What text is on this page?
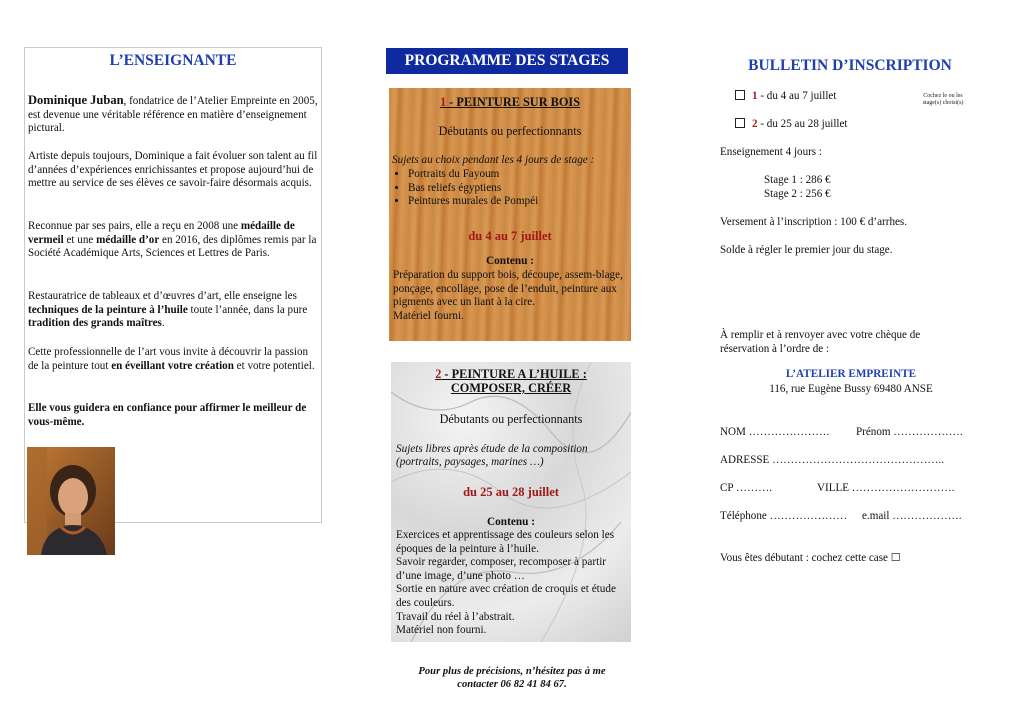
L’ENSEIGNANTE

Dominique Juban, fondatrice de l’Atelier Empreinte en 2005, est devenue une véritable référence en matière d’enseignement pictural.

Artiste depuis toujours, Dominique a fait évoluer son talent au fil d’années d’expériences enrichissantes et propose aujourd’hui de mettre au service de ses élèves ce savoir-faire désormais acquis.

Reconnue par ses pairs, elle a reçu en 2008 une médaille de vermeil et une médaille d’or en 2016, des diplômes remis par la Société Académique Arts, Sciences et Lettres de Paris.

Restauratrice de tableaux et d’œuvres d’art, elle enseigne les techniques de la peinture à l’huile toute l’année, dans la pure tradition des grands maîtres.

Cette professionnelle de l’art vous invite à découvrir la passion de la peinture tout en éveillant votre création et votre potentiel.

Elle vous guidera en confiance pour affirmer le meilleur de vous-même.

PROGRAMME DES STAGES
1 - PEINTURE SUR BOIS
Débutants ou perfectionnants
Sujets au choix pendant les 4 jours de stage :
• Portraits du Fayoum
• Bas reliefs égyptiens
• Peintures murales de Pompéi
du 4 au 7 juillet
Contenu :
Préparation du support bois, découpe, assem-blage, ponçage, encollage, pose de l’enduit, peinture aux pigments avec un liant à la cire.
Matériel fourni.
2 - PEINTURE A L’HUILE :
COMPOSER, CRÉER
Débutants ou perfectionnants
Sujets libres après étude de la composition (portraits, paysages, marines …)
du 25 au 28 juillet
Contenu :
Exercices et apprentissage des couleurs selon les époques de la peinture à l’huile.
Savoir regarder, composer, recomposer à partir d’une image, d’une photo …
Sortie en nature avec création de croquis et étude des couleurs.
Travail du réel à l’abstrait.
Matériel non fourni.
Pour plus de précisions, n’hésitez pas à me
contacter 06 82 41 84 67.
BULLETIN D’INSCRIPTION
1 - du 4 au 7 juillet
2 - du 25 au 28 juillet
Cochez le ou les
stage(s) choisi(s)
Enseignement 4 jours :
Stage 1 : 286 €
Stage 2 : 256 €
Versement à l’inscription : 100 € d’arrhes.
Solde à régler le premier jour du stage.
À remplir et à renvoyer avec votre chèque de réservation à l’ordre de :
L’ATELIER EMPREINTE
116, rue Eugène Bussy 69480 ANSE
NOM …………………. Prénom ……………….
ADRESSE ………………………………………..
CP ……….	VILLE ……………………….
Téléphone ………………… e.mail ……………….
Vous êtes débutant : cochez cette case ☐
